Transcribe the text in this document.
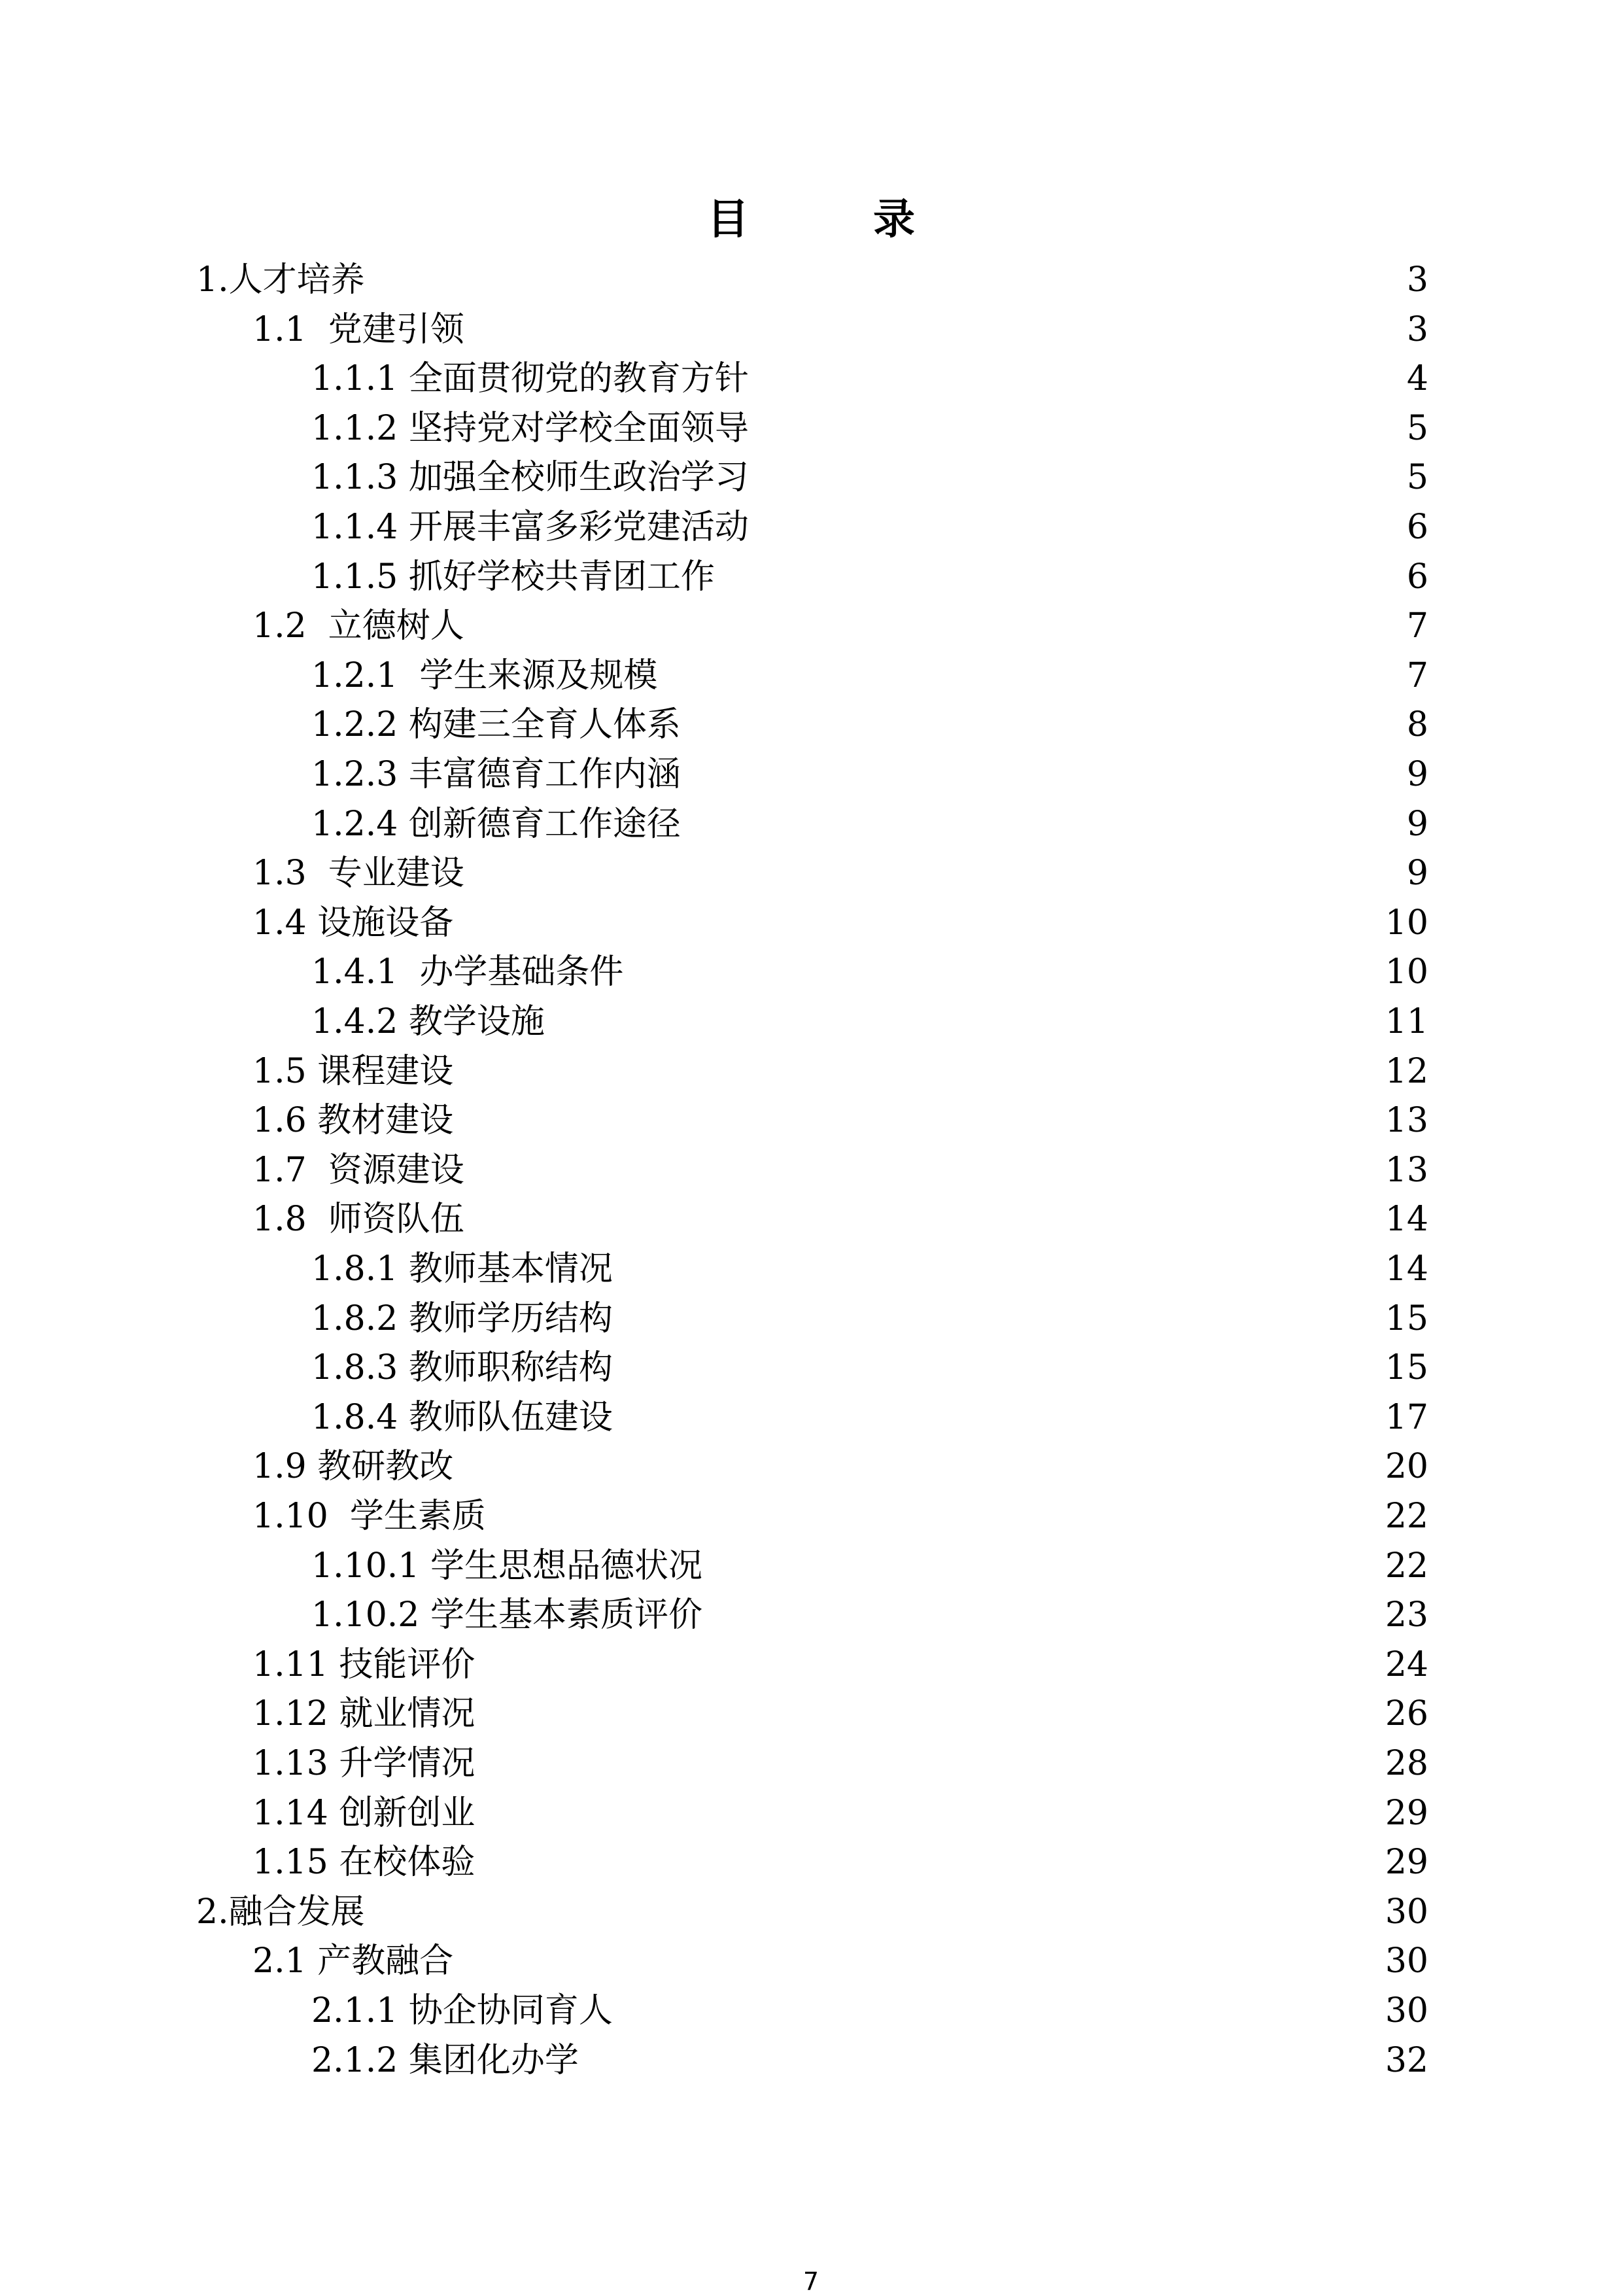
目录
1. 人才培养	3
1.1 党建引领	3
1.1.1 全面贯彻党的教育方针	4
1.1.2 坚持党对学校全面领导	5
1.1.3 加强全校师生政治学习	5
1.1.4 开展丰富多彩党建活动	6
1.1.5 抓好学校共青团工作	6
1.2 立德树人	7
1.2.1 学生来源及规模	7
1.2.2 构建三全育人体系	8
1.2.3 丰富德育工作内涵	9
1.2.4 创新德育工作途径	9
1.3 专业建设	9
1.4 设施设备	10
1.4.1 办学基础条件	10
1.4.2 教学设施	11
1.5 课程建设	12
1.6 教材建设	13
1.7 资源建设	13
1.8 师资队伍	14
1.8.1 教师基本情况	14
1.8.2 教师学历结构	15
1.8.3 教师职称结构	15
1.8.4 教师队伍建设	17
1.9 教研教改	20
1.10 学生素质	22
1.10.1 学生思想品德状况	22
1.10.2 学生基本素质评价	23
1.11 技能评价	24
1.12 就业情况	26
1.13 升学情况	28
1.14 创新创业	29
1.15 在校体验	29
2. 融合发展	30
2.1 产教融合	30
2.1.1 协企协同育人	30
2.1.2 集团化办学	32
7
